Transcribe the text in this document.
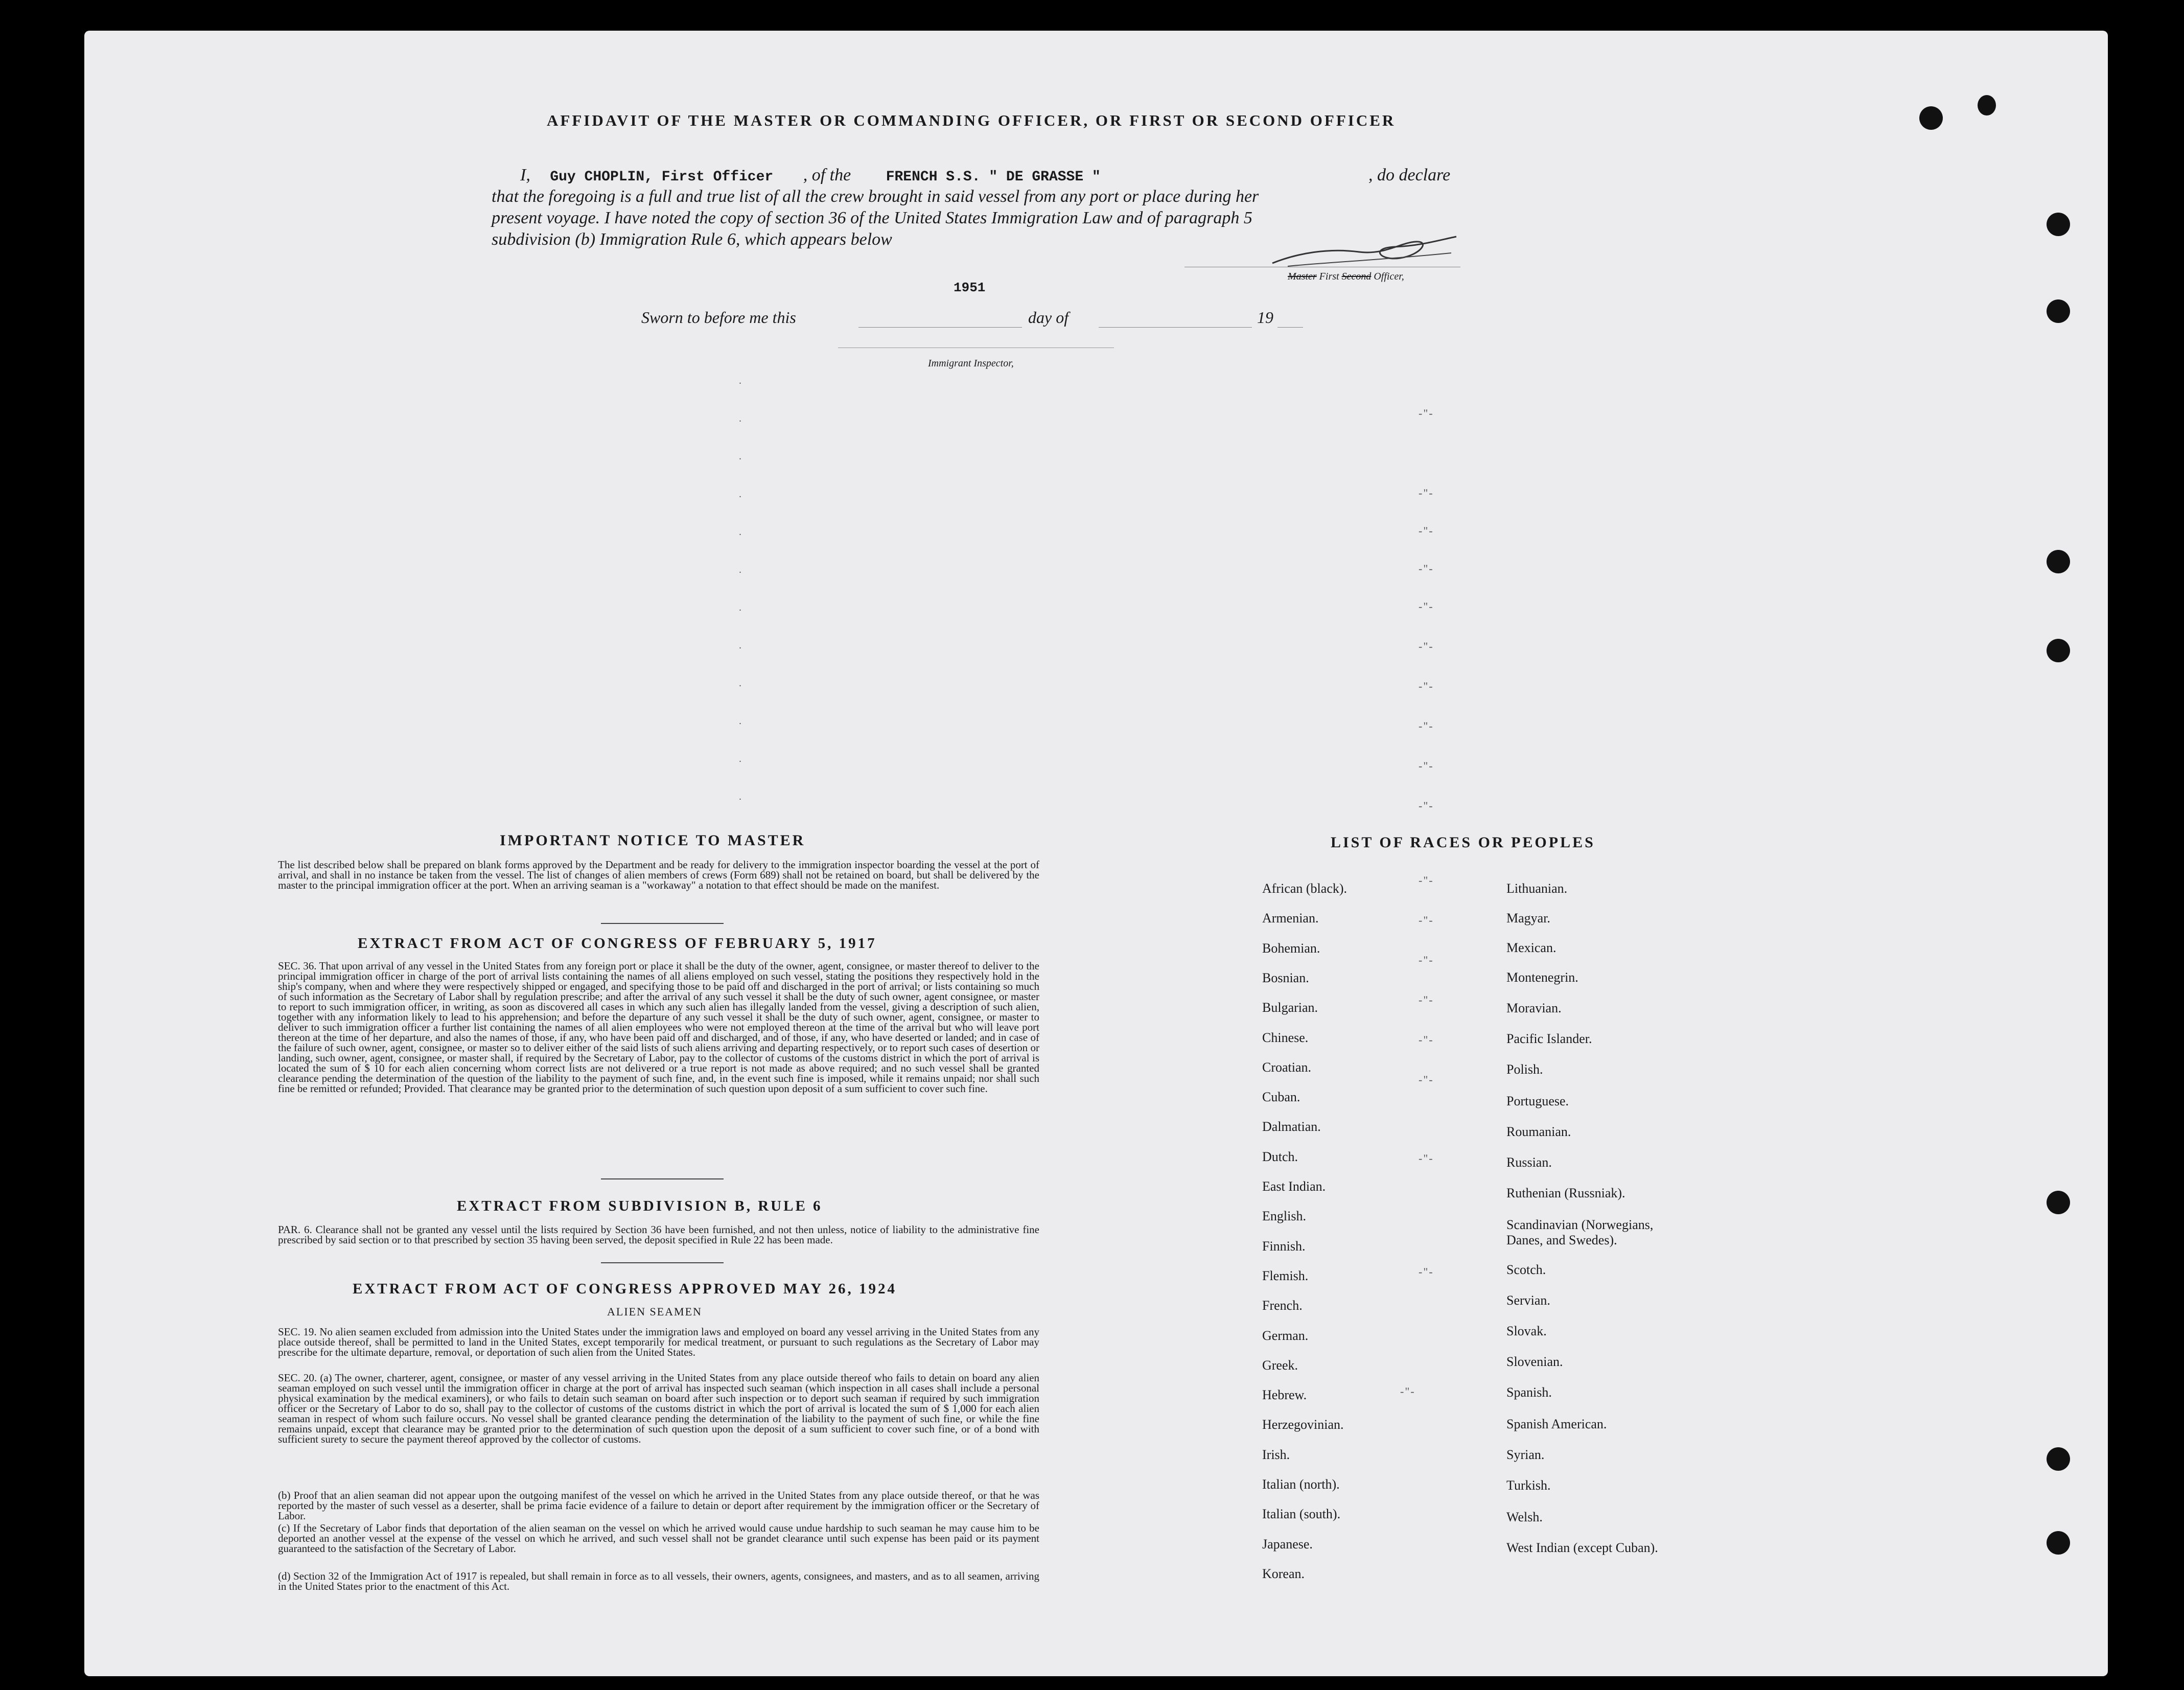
AFFIDAVIT OF THE MASTER OR COMMANDING OFFICER, OR FIRST OR SECOND OFFICER
I, Guy CHOPLIN, First Officer , of the FRENCH S.S. " DE GRASSE "	, do declare
that the foregoing is a full and true list of all the crew brought in said vessel from any port or place during her
present voyage. I have noted the copy of section 36 of the United States Immigration Law and of paragraph 5
subdivision (b) Immigration Rule 6, which appears below
Master First Second Officer,
1951
Sworn to before me this	day of	19
Immigrant Inspector,
.
.
.
.
.
.
.
.
.
.
.
.
-"-
-"-
-"-
-"-
-"-
-"-
-"-
-"-
-"-
-"-
IMPORTANT NOTICE TO MASTER
The list described below shall be prepared on blank forms approved by the Department and be ready for delivery to the immigration inspector boarding the vessel at the port of arrival, and shall in no instance be taken from the vessel. The list of changes of alien members of crews (Form 689) shall not be retained on board, but shall be delivered by the master to the principal immigration officer at the port. When an arriving seaman is a "workaway" a notation to that effect should be made on the manifest.
EXTRACT FROM ACT OF CONGRESS OF FEBRUARY 5, 1917
SEC. 36. That upon arrival of any vessel in the United States from any foreign port or place it shall be the duty of the owner, agent, consignee, or master thereof to deliver to the principal immigration officer in charge of the port of arrival lists containing the names of all aliens employed on such vessel, stating the positions they respectively hold in the ship's company, when and where they were respectively shipped or engaged, and specifying those to be paid off and discharged in the port of arrival; or lists containing so much of such information as the Secretary of Labor shall by regulation prescribe; and after the arrival of any such vessel it shall be the duty of such owner, agent consignee, or master to report to such immigration officer, in writing, as soon as discovered all cases in which any such alien has illegally landed from the vessel, giving a description of such alien, together with any information likely to lead to his apprehension; and before the departure of any such vessel it shall be the duty of such owner, agent, consignee, or master to deliver to such immigration officer a further list containing the names of all alien employees who were not employed thereon at the time of the arrival but who will leave port thereon at the time of her departure, and also the names of those, if any, who have been paid off and discharged, and of those, if any, who have deserted or landed; and in case of the failure of such owner, agent, consignee, or master so to deliver either of the said lists of such aliens arriving and departing respectively, or to report such cases of desertion or landing, such owner, agent, consignee, or master shall, if required by the Secretary of Labor, pay to the collector of customs of the customs district in which the port of arrival is located the sum of $ 10 for each alien concerning whom correct lists are not delivered or a true report is not made as above required; and no such vessel shall be granted clearance pending the determination of the question of the liability to the payment of such fine, and, in the event such fine is imposed, while it remains unpaid; nor shall such fine be remitted or refunded; Provided. That clearance may be granted prior to the determination of such question upon deposit of a sum sufficient to cover such fine.
EXTRACT FROM SUBDIVISION B, RULE 6
PAR. 6. Clearance shall not be granted any vessel until the lists required by Section 36 have been furnished, and not then unless, notice of liability to the administrative fine prescribed by said section or to that prescribed by section 35 having been served, the deposit specified in Rule 22 has been made.
EXTRACT FROM ACT OF CONGRESS APPROVED MAY 26, 1924
ALIEN SEAMEN
SEC. 19. No alien seamen excluded from admission into the United States under the immigration laws and employed on board any vessel arriving in the United States from any place outside thereof, shall be permitted to land in the United States, except temporarily for medical treatment, or pursuant to such regulations as the Secretary of Labor may prescribe for the ultimate departure, removal, or deportation of such alien from the United States.
SEC. 20. (a) The owner, charterer, agent, consignee, or master of any vessel arriving in the United States from any place outside thereof who fails to detain on board any alien seaman employed on such vessel until the immigration officer in charge at the port of arrival has inspected such seaman (which inspection in all cases shall include a personal physical examination by the medical examiners), or who fails to detain such seaman on board after such inspection or to deport such seaman if required by such immigration officer or the Secretary of Labor to do so, shall pay to the collector of customs of the customs district in which the port of arrival is located the sum of $ 1,000 for each alien seaman in respect of whom such failure occurs. No vessel shall be granted clearance pending the determination of the liability to the payment of such fine, or while the fine remains unpaid, except that clearance may be granted prior to the determination of such question upon the deposit of a sum sufficient to cover such fine, or of a bond with sufficient surety to secure the payment thereof approved by the collector of customs.
(b) Proof that an alien seaman did not appear upon the outgoing manifest of the vessel on which he arrived in the United States from any place outside thereof, or that he was reported by the master of such vessel as a deserter, shall be prima facie evidence of a failure to detain or deport after requirement by the immigration officer or the Secretary of Labor.
(c) If the Secretary of Labor finds that deportation of the alien seaman on the vessel on which he arrived would cause undue hardship to such seaman he may cause him to be deported an another vessel at the expense of the vessel on which he arrived, and such vessel shall not be grandet clearance until such expense has been paid or its payment guaranteed to the satisfaction of the Secretary of Labor.
(d) Section 32 of the Immigration Act of 1917 is repealed, but shall remain in force as to all vessels, their owners, agents, consignees, and masters, and as to all seamen, arriving in the United States prior to the enactment of this Act.
LIST OF RACES OR PEOPLES
African (black).
Armenian.
Bohemian.
Bosnian.
Bulgarian.
Chinese.
Croatian.
Cuban.
Dalmatian.
Dutch.
East Indian.
English.
Finnish.
Flemish.
French.
German.
Greek.
Hebrew.
Herzegovinian.
Irish.
Italian (north).
Italian (south).
Japanese.
Korean.
Lithuanian.
Magyar.
Mexican.
Montenegrin.
Moravian.
Pacific Islander.
Polish.
Portuguese.
Roumanian.
Russian.
Ruthenian (Russniak).
Scandinavian (Norwegians, Danes, and Swedes).
Scotch.
Servian.
Slovak.
Slovenian.
Spanish.
Spanish American.
Syrian.
Turkish.
Welsh.
West Indian (except Cuban).
-"-
-"-
-"-
-"-
-"-
-"-
-"-
-"-
-"-
